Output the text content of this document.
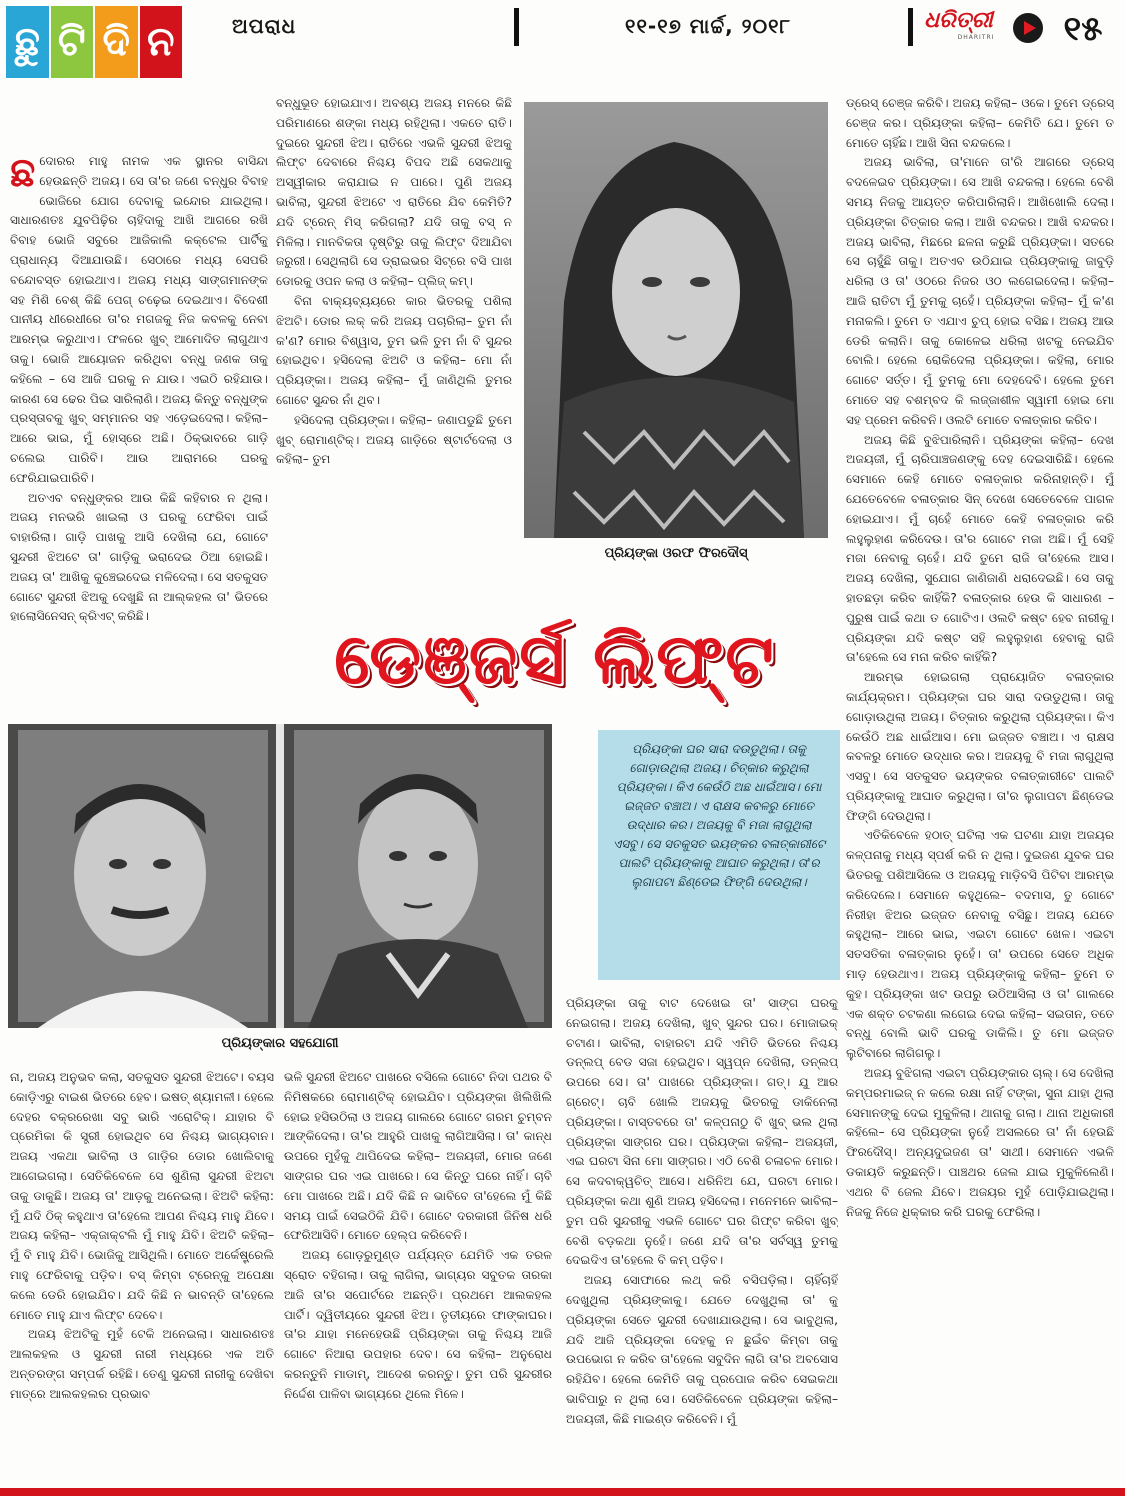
ଛୁ ଟି ଦି ନ	ଅପରାଧ	୧୧-୧୭ ମାର୍ଚ୍ଚ, ୨୦୧୮	ଧରିତ୍ରୀ
DHARITRI	୧୫
ଛ ଦୋରର ମାହୁ ନାମକ ଏକ ସ୍ଥାନର ବାସିନ୍ଦା ହେଉଛନ୍ତି ଅଜୟ। ସେ ତା'ର ଜଣେ ବନ୍ଧୁର ବିବାହ ଭୋଜିରେ ଯୋଗ ଦେବାକୁ ଇନ୍ଦୋର ଯାଇଥିଲା। ସାଧାରଣତଃ ଯୁବପିଢ଼ିର ଚାହିଦାକୁ ଆଖି ଆଗରେ ରଖି ବିବାହ ଭୋଜି ସବୁରେ ଆଜିକାଲି କକ୍‌ଟେଲ ପାର୍ଟିକୁ ପ୍ରାଧାନ୍ୟ ଦିଆଯାଉଛି। ସେଠାରେ ମଧ୍ୟ ସେପରି ବନ୍ଦୋବସ୍ତ ହୋଇଥାଏ। ଅଜୟ ମଧ୍ୟ ସାଙ୍ଗମାନଙ୍କ ସହ ମିଶି ବେଶ୍ କିଛି ପେଗ୍ ଚଢ଼େଇ ଦେଇଥାଏ। ବିଦେଶୀ ପାନୀୟ ଧୀରେଧୀରେ ତା'ର ମଗଜକୁ ନିଜ କବଳକୁ ନେବା ଆରମ୍ଭ କରୁଥାଏ। ଫଳରେ ଖୁବ୍ ଆମୋଦିତ ଲାଗୁଥାଏ ତାକୁ। ଭୋଜି ଆୟୋଜନ କରିଥିବା ବନ୍ଧୁ ଜଣକ ତାକୁ କହିଲେ – ସେ ଆଜି ଘରକୁ ନ ଯାଉ। ଏଇଠି ରହିଯାଉ। କାରଣ ସେ ଢେର ପିଇ ସାରିଲାଣି। ଅଜୟ କିନ୍ତୁ ବନ୍ଧୁଙ୍କ ପ୍ରସ୍ତାବକୁ ଖୁବ୍ ସମ୍ମାନର ସହ ଏଡ଼େଇଦେଲା। କହିଲା– ଆରେ ଭାଇ, ମୁଁ ହୋସ୍‌ରେ ଅଛି। ଠିକ୍‌ଭାବରେ ଗାଡ଼ି ଚଲେଇ ପାରିବି। ଆଉ ଆରାମରେ ଘରକୁ ଫେରିଯାଇପାରିବି।

ଅତଏବ ବନ୍ଧୁଙ୍କର ଆଉ କିଛି କହିବାର ନ ଥିଲା। ଅଜୟ ମନଭରି ଖାଇଲା ଓ ଘରକୁ ଫେରିବା ପାଇଁ ବାହାରିଲା। ଗାଡ଼ି ପାଖକୁ ଆସି ଦେଖିଲା ଯେ, ଗୋଟେ ସୁନ୍ଦରୀ ଝିଅଟେ ତା' ଗାଡ଼ିକୁ ଭରାଦେଇ ଠିଆ ହୋଇଛି। ଅଜୟ ତା' ଆଖିକୁ କୁଞ୍ଚେଇଦେଇ ମଳିଦେଲା। ସେ ସତକୁସତ ଗୋଟେ ସୁନ୍ଦରୀ ଝିଅକୁ ଦେଖୁଛି ନା ଆଲ୍‌କହଲ ତା' ଭିତରେ ହାଲୋସିନେସନ୍ କ୍ରିଏଟ୍ କରିଛି।

ବନ୍ଧୁଭୂତ ହୋଇଯାଏ। ଅବଶ୍ୟ ଅଜୟ ମନରେ କିଛି ପରିମାଣରେ ଶଙ୍କା ମଧ୍ୟ ରହିଥିଲା। ଏକତେ ରାତି। ଦୁଇରେ ସୁନ୍ଦରୀ ଝିଅ। ରାତିରେ ଏଭଳି ସୁନ୍ଦରୀ ଝିଅକୁ ଲିଫ୍ଟ ଦେବାରେ ନିଶ୍ଚୟ ବିପଦ ଅଛି ସେକଥାକୁ ଅସ୍ୱୀକାର କରାଯାଇ ନ ପାରେ। ପୁଣି ଅଜୟ ଭାବିଲା, ସୁନ୍ଦରୀ ଝିଅଟେ ଏ ରାତିରେ ଯିବ କେମିତି? ଯଦି ଟ୍ରେନ୍ ମିସ୍ କରିଗଲା? ଯଦି ତାକୁ ବସ୍ ନ ମିଳିଲା। ମାନବିକତା ଦୃଷ୍ଟିରୁ ତାକୁ ଲିଫ୍ଟ ଦିଆଯିବା ଜରୁରୀ। ସେଥିଲାଗି ସେ ଡ୍ରାଇଭର ସିଟ୍‌ରେ ବସି ପାଖ ଡୋରକୁ ଓପନ କଲା ଓ କହିଲା– ପ୍ଲିଜ୍ କମ୍।

ବିନା ବାକ୍ୟବ୍ୟୟରେ କାର ଭିତରକୁ ପଶିଲା ଝିଅଟି। ଡୋର ଲକ୍ କରି ଅଜୟ ପଚାରିଲା– ତୁମ ନାଁ କ'ଣ? ମୋର ବିଶ୍ୱାସ, ତୁମ ଭଳି ତୁମ ନାଁ ବି ସୁନ୍ଦର ହୋଇଥିବ। ହସିଦେଲା ଝିଅଟି ଓ କହିଲା– ମୋ ନାଁ ପ୍ରିୟଙ୍କା। ଅଜୟ କହିଲା– ମୁଁ ଜାଣିଥିଲି ତୁମର ଗୋଟେ ସୁନ୍ଦର ନାଁ ଥିବ।

ହସିଦେଲା ପ୍ରିୟଙ୍କା। କହିଲା– ଜଣାପଡୁଛି ତୁମେ ଖୁବ୍ ରୋମାଣ୍ଟିକ୍। ଅଜୟ ଗାଡ଼ିରେ ଷ୍ଟାର୍ଟଦେଲା ଓ କହିଲା– ତୁମ

ପ୍ରିୟଙ୍କା ଓରଫ ଫିରଦୌସ୍

ଡ୍ରେସ୍ ଚେଞ୍ଜ କରିବି। ଅଜୟ କହିଲା– ଓକେ। ତୁମେ ଡ୍ରେସ୍ ଚେଞ୍ଜ କର। ପ୍ରିୟଙ୍କା କହିଲା– କେମିତି ଯେ। ତୁମେ ତ ମୋତେ ଚାହିଁଛ। ଆଖି ସିନା ବନ୍ଦକଲେ।

ଅଜୟ ଭାବିଲା, ତା'ମାନେ ତା'ରି ଆଗରେ ଡ୍ରେସ୍ ବଦଳେଇବ ପ୍ରିୟଙ୍କା। ସେ ଆଖି ବନ୍ଦକଲା। ହେଲେ ବେଶି ସମୟ ନିଜକୁ ଆୟତ୍ତ କରିପାରିଲାନି। ଆଖିଖୋଲି ଦେଲା। ପ୍ରିୟଙ୍କା ଚିତ୍କାର କଲା। ଆଖି ବନ୍ଦକର। ଆଖି ବନ୍ଦକର। ଅଜୟ ଭାବିଲା, ମିଛରେ ଛଳନା କରୁଛି ପ୍ରିୟଙ୍କା। ସତରେ ସେ ଚାହୁଁଛି ତାକୁ। ଅତଏବ ଉଠିଯାଇ ପ୍ରିୟଙ୍କାକୁ ଜାବୁଡ଼ି ଧରିଲା ଓ ତା' ଓଠରେ ନିଜର ଓଠ ଲଗେଇଦେଲା। କହିଲା– ଆଜି ରାତିଟା ମୁଁ ତୁମକୁ ଚାହେଁ। ପ୍ରିୟଙ୍କା କହିଲା– ମୁଁ କ'ଣ ମନାକଲି। ତୁମେ ତ ଏଯାଏ ଚୁପ୍ ହୋଇ ବସିଛ। ଅଜୟ ଆଉ ଡେରି କଲାନି। ତାକୁ କୋଳେଇ ଧରିଲା ଖଟକୁ ନେଇଯିବ ବୋଲି। ହେଲେ ରୋକିଦେଲା ପ୍ରିୟଙ୍କା। କହିଲା, ମୋର ଗୋଟେ ସର୍ତ୍ତ। ମୁଁ ତୁମକୁ ମୋ ଦେହଦେବି। ହେଲେ ତୁମେ ମୋତେ ସହ ବଶମ୍ବଦ କି ଲଜ୍ଜାଶୀଳ ସ୍ୱାମୀ ହୋଇ ମୋ ସହ ପ୍ରେମ କରିବନି। ଓଲଟି ମୋତେ ବଳାତ୍କାର କରିବ।

ଅଜୟ କିଛି ବୁଝିପାରିଲାନି। ପ୍ରିୟଙ୍କା କହିଲା– ଦେଖ ଅଜୟଜୀ, ମୁଁ ଚାରିପାଞ୍ଚଜଣଙ୍କୁ ଦେହ ଦେଇସାରିଛି। ହେଲେ ସେମାନେ କେହି ମୋତେ ବଳାତ୍କାର କରିନାହାନ୍ତି। ମୁଁ ଯେତେବେଳେ ବଳାତ୍କାର ସିନ୍ ଦେଖେ ସେତେବେଳେ ପାଗଳ ହୋଇଯାଏ। ମୁଁ ଚାହେଁ ମୋତେ କେହି ବଳାତ୍କାର କରି ଲହୁଲୁହାଣ କରିଦେଉ। ତା'ର ଗୋଟେ ମଜା ଅଛି। ମୁଁ ସେହି ମଜା ନେବାକୁ ଚାହେଁ। ଯଦି ତୁମେ ରାଜି ତା'ହେଲେ ଆସ। ଅଜୟ ଦେଖିଲା, ସୁଯୋଗ ଜାଣିଜାଣି ଧରାଦେଇଛି। ସେ ତାକୁ ହାତଛଡ଼ା କରିବ କାହିଁକି? ବଳାତ୍କାର ହେଉ କି ସାଧାରଣ – ପୁରୁଷ ପାଇଁ କଥା ତ ଗୋଟିଏ। ଓଲଟି କଷ୍ଟ ହେବ ନାରୀକୁ। ପ୍ରିୟଙ୍କା ଯଦି କଷ୍ଟ ସହି ଲହୁଲୁହାଣ ହେବାକୁ ରାଜି ତା'ହେଲେ ସେ ମନା କରିବ କାହିଁକି?

ଆରମ୍ଭ ହୋଇଗଲା ପ୍ରାୟୋଜିତ ବଳାତ୍କାର କାର୍ଯ୍ୟକ୍ରମ। ପ୍ରିୟଙ୍କା ଘର ସାରା ଦଉଡୁଥିଲା। ତାକୁ ଗୋଡ଼ାଉଥିଲା ଅଜୟ। ଚିତ୍କାର କରୁଥିଲା ପ୍ରିୟଙ୍କା। କିଏ କେଉଁଠି ଅଛ ଧାଇଁଆସ। ମୋ ଇଜ୍ଜତ ବଞ୍ଚାଅ। ଏ ରାକ୍ଷସ କବଳରୁ ମୋତେ ଉଦ୍ଧାର କର। ଅଜୟକୁ ବି ମଜା ଲାଗୁଥିଲା ଏସବୁ। ସେ ସତକୁସତ ଭୟଙ୍କର ବଳାତ୍କାରୀଟେ ପାଲଟି ପ୍ରିୟଙ୍କାକୁ ଆଘାତ କରୁଥିଲା। ତା'ର ଲୁଗାପଟା ଛିଣ୍ଡେଇ ଫିଙ୍ଗି ଦେଉଥିଲା।

ଏତିକିବେଳେ ହଠାତ୍ ଘଟିଲା ଏକ ଘଟଣା ଯାହା ଅଜୟର କଳ୍ପନାକୁ ମଧ୍ୟ ସ୍ପର୍ଶ କରି ନ ଥିଲା। ଦୁଇଜଣ ଯୁବକ ଘର ଭିତରକୁ ପଶିଆସିଲେ ଓ ଅଜୟକୁ ମାଡ଼ିବସି ପିଟିବା ଆରମ୍ଭ କରିଦେଲେ। ସେମାନେ କହୁଥିଲେ– ବଦମାସ, ତୁ ଗୋଟେ ନିରୀହା ଝିଅର ଇଜ୍ଜତ ନେବାକୁ ବସିଛୁ। ଅଜୟ ଯେତେ କହୁଥିଲା– ଆରେ ଭାଇ, ଏଇଟା ଗୋଟେ ଖେଳ। ଏଇଟା ସତସତିକା ବଳାତ୍କାର ନୁହେଁ। ତା' ଉପରେ ସେତେ ଅଧିକ ମାଡ଼ ହେଉଥାଏ। ଅଜୟ ପ୍ରିୟଙ୍କାକୁ କହିଲା– ତୁମେ ତ କୁହ। ପ୍ରିୟଙ୍କା ଖଟ ଉପରୁ ଉଠିଆସିଲା ଓ ତା' ଗାଲରେ ଏକ ଶକ୍ତ ଚଟକଣା ଲଗେଇ ଦେଇ କହିଲା– ସଇତାନ, ତତେ ବନ୍ଧୁ ବୋଲି ଭାବି ଘରକୁ ଡାକିଲି। ତୁ ମୋ ଇଜ୍ଜତ ଲୁଟିବାରେ ଲାଗିଗଲୁ।

ଅଜୟ ବୁଝିଗଲା ଏଇଟା ପ୍ରିୟଙ୍କାର ଚାଲ୍। ସେ ଦେଖିଲା କମ୍ପରମାଇଜ୍ ନ କଲେ ରକ୍ଷା ନାହିଁ ଟଙ୍କା, ସୁନା ଯାହା ଥିଲା ସେମାନଙ୍କୁ ଦେଇ ମୁକୁଳିଲା। ଥାନାକୁ ଗଲା। ଥାନା ଅଧିକାରୀ କହିଲେ– ସେ ପ୍ରିୟଙ୍କା ନୁହେଁ ଅସଲରେ ତା' ନାଁ ହେଉଛି ଫିରଦୌସ୍। ଅନ୍ୟଦୁଇଜଣ ତା' ସାଥୀ। ସେମାନେ ଏଭଳି ଡକାୟତି କରୁଛନ୍ତି। ପାଞ୍ଚଥର ଜେଲ ଯାଇ ମୁକୁଳିଲେଣି। ଏଥର ବି ଜେଲ ଯିବେ। ଅଜୟର ମୁହଁ ପୋଡ଼ିଯାଇଥିଲା। ନିଜକୁ ନିଜେ ଧିକ୍କାର କରି ଘରକୁ ଫେରିଲା।

ଡେଞ୍ଜର୍ସ ଲିଫ୍ଟ
ପ୍ରିୟଙ୍କାର ସହଯୋଗୀ
ପ୍ରିୟଙ୍କା ଘର ସାରା ଦଉଡୁଥିଲା। ତାକୁ ଗୋଡ଼ାଉଥିଲା ଅଜୟ। ଚିତ୍କାର କରୁଥିଲା ପ୍ରିୟଙ୍କା। କିଏ କେଉଁଠି ଅଛ ଧାଇଁଆସ। ମୋ ଇଜ୍ଜତ ବଞ୍ଚାଅ। ଏ ରାକ୍ଷସ କବଳରୁ ମୋତେ ଉଦ୍ଧାର କର। ଅଜୟକୁ ବି ମଜା ଲାଗୁଥିଲା ଏସବୁ। ସେ ସତକୁସତ ଭୟଙ୍କର ବଳାତ୍କାରୀଟେ ପାଲଟି ପ୍ରିୟଙ୍କାକୁ ଆଘାତ କରୁଥିଲା। ତା'ର ଲୁଗାପଟା ଛିଣ୍ଡେଇ ଫିଙ୍ଗି ଦେଉଥିଲା।

ପ୍ରିୟଙ୍କା ତାକୁ ବାଟ ଦେଖେଇ ତା' ସାଙ୍ଗ ଘରକୁ ନେଇଗଲା। ଅଜୟ ଦେଖିଲା, ଖୁବ୍ ସୁନ୍ଦର ଘର। ମୋଜାଇକ୍ ଚଟାଣ। ଭାବିଲା, ବାହାରଟା ଯଦି ଏମିତି ଭିତରେ ନିଶ୍ଚୟ ଡନ୍‌ଲପ୍ ବେଡ ସଜା ହେଇଥିବ। ସ୍ୱପ୍ନ ଦେଖିଲା, ଡନ୍‌ଲପ୍ ଉପରେ ସେ। ତା' ପାଖରେ ପ୍ରିୟଙ୍କା। ଗତ୍। ଯୁ ଆର ଗ୍ରେଟ୍। ଚାବି ଖୋଲି ଅଜୟକୁ ଭିତରକୁ ଡାକିନେଲା ପ୍ରିୟଙ୍କା। ବାସ୍ତବରେ ତା' କଳ୍ପନାଠୁ ବି ଖୁବ୍ ଭଲ ଥିଲା ପ୍ରିୟଙ୍କା ସାଙ୍ଗର ଘର। ପ୍ରିୟଙ୍କା କହିଲା– ଅଜୟଜୀ, ଏଇ ଘରଟା ସିନା ମୋ ସାଙ୍ଗର। ଏଠି ବେଶି ଚଳାଚଳ ମୋର। ସେ କଦବାକ୍ୱଚିତ୍ ଆସେ। ଧରିନିଅ ଯେ, ଘରଟା ମୋର। ପ୍ରିୟଙ୍କା କଥା ଶୁଣି ଅଜୟ ହସିଦେଲା। ମନେମନେ ଭାବିଲା– ତୁମ ପରି ସୁନ୍ଦରୀକୁ ଏଭଳି ଗୋଟେ ଘର ଗିଫ୍ଟ କରିବା ଖୁବ୍ ବେଶି ବଡ଼କଥା ନୁହେଁ। ଜଣେ ଯଦି ତା'ର ସର୍ବସ୍ୱ ତୁମକୁ ଦେଇଦିଏ ତା'ହେଲେ ବି କମ୍ ପଡ଼ିବ।

ଅଜୟ ସୋଫାରେ ଲଥ୍ କରି ବସିପଡ଼ିଲା। ଚାହିଁଚାହିଁ ଦେଖୁଥିଲା ପ୍ରିୟଙ୍କାକୁ। ଯେତେ ଦେଖୁଥିଲା ତା' କୁ ପ୍ରିୟଙ୍କା ସେତେ ସୁନ୍ଦରୀ ଦେଖାଯାଉଥିଲା। ସେ ଭାବୁଥିଲା, ଯଦି ଆଜି ପ୍ରିୟଙ୍କା ଦେହକୁ ନ ଛୁଇଁବ କିମ୍ବା ତାକୁ ଉପଭୋଗ ନ କରିବ ତା'ହେଲେ ସବୁଦିନ ଲାଗି ତା'ର ଅବସୋସ ରହିଯିବ। ହେଲେ କେମିତି ତାକୁ ପ୍ରପୋଜ କରିବ ସେଇକଥା ଭାବିପାରୁ ନ ଥିଲା ସେ। ସେତିକିବେଳେ ପ୍ରିୟଙ୍କା କହିଲା– ଅଜୟଜୀ, କିଛି ମାଇଣ୍ଡ କରିବେନି। ମୁଁ

ନା, ଅଜୟ ଅନୁଭବ କଲା, ସତକୁସତ ସୁନ୍ଦରୀ ଝିଅଟେ। ବୟସ କୋଡ଼ିଏରୁ ବାଇଶ ଭିତରେ ହେବ। ଇଷତ୍ ଶ୍ୟାମଳୀ। ହେଲେ ଦେହର ବକ୍ରରେଖା ସବୁ ଭାରି ଏରୋଟିକ୍। ଯାହାର ବି ପ୍ରେମିକା କି ସ୍ତ୍ରୀ ହୋଇଥିବ ସେ ନିଶ୍ଚୟ ଭାଗ୍ୟବାନ। ଅଜୟ ଏକଥା ଭାବିଲା ଓ ଗାଡ଼ିର ଡୋର ଖୋଲିବାକୁ ଆଗେଇଗଲା। ସେତିକିବେଳେ ସେ ଶୁଣିଲା ସୁନ୍ଦରୀ ଝିଅଟା ତାକୁ ଡାକୁଛି। ଅଜୟ ତା' ଆଡ଼କୁ ଅନେଇଲା। ଝିଅଟି କହିଲା: ମୁଁ ଯଦି ଠିକ୍ କହୁଥାଏ ତା'ହେଲେ ଆପଣ ନିଶ୍ଚୟ ମାହୁ ଯିବେ। ଅଜୟ କହିଲା– ଏକ୍‌ଜାକ୍‌ଟଲି ମୁଁ ମାହୁ ଯିବି। ଝିଅଟି କହିଲା– ମୁଁ ବି ମାହୁ ଯିବି। ଭୋଜିକୁ ଆସିଥିଲି। ମୋତେ ଅର୍କେଷ୍ଟ୍ରେଲି ମାହୁ ଫେରିବାକୁ ପଡ଼ିବ। ବସ୍ କିମ୍ବା ଟ୍ରେନ୍‌କୁ ଅପେକ୍ଷା କଲେ ଡେରି ହୋଇଯିବ। ଯଦି କିଛି ନ ଭାବନ୍ତି ତା'ହେଲେ ମୋତେ ମାହୁ ଯାଏ ଲିଫ୍ଟ ଦେବେ।

ଅଜୟ ଝିଅଟିକୁ ମୁହଁ ଟେକି ଅନେଇଲା। ସାଧାରଣତଃ ଆଲକହଲ ଓ ସୁନ୍ଦରୀ ନାରୀ ମଧ୍ୟରେ ଏକ ଅତି ଅନ୍ତରଙ୍ଗ ସମ୍ପର୍କ ରହିଛି। ତେଣୁ ସୁନ୍ଦରୀ ନାରୀକୁ ଦେଖିବା ମାତ୍ରେ ଆଲକହଲର ପ୍ରଭାବ

ଭଳି ସୁନ୍ଦରୀ ଝିଅଟେ ପାଖରେ ବସିଲେ ଗୋଟେ ନିଦା ପଥର ବି ନିମିଷକରେ ରୋମାଣ୍ଟିକ୍ ହୋଇଯିବ। ପ୍ରିୟଙ୍କା ଖିଲିଖିଲି ହୋଇ ହସିଉଠିଲା ଓ ଅଜୟ ଗାଲରେ ଗୋଟେ ଗରମ ଚୁମ୍ବନ ଆଙ୍କିଦେଲା। ତା'ର ଆହୁରି ପାଖକୁ ଲାଗିଆସିଲା। ତା' କାନ୍ଧ ଉପରେ ମୁହଁକୁ ଥାପିଦେଇ କହିଲା– ଅଜୟଜୀ, ମୋର ଜଣେ ସାଙ୍ଗର ଘର ଏଇ ପାଖରେ। ସେ କିନ୍ତୁ ଘରେ ନାହିଁ। ଚାବି ମୋ ପାଖରେ ଅଛି। ଯଦି କିଛି ନ ଭାବିବେ ତା'ହେଲେ ମୁଁ କିଛି ସମୟ ପାଇଁ ସେଇଠିକି ଯିବି। ଗୋଟେ ଦରକାରୀ ଜିନିଷ ଧରି ଫେରିଆସିବି। ମୋତେ ହେଲ୍ପ କରିବେନି।

ଅଜୟ ଗୋଡ଼ରୁମୁଣ୍ଡ ପର୍ଯ୍ୟନ୍ତ ଯେମିତି ଏକ ତରଳ ସ୍ରୋତ ବହିଗଲା। ତାକୁ ଲାଗିଲା, ଭାଗ୍ୟର ସବୁତକ ତାରକା ଆଜି ତା'ର ସପୋର୍ଟରେ ଅଛନ୍ତି। ପ୍ରଥମେ ଆଲକହଲ ପାର୍ଟି। ଦ୍ୱିତୀୟରେ ସୁନ୍ଦରୀ ଝିଅ। ତୃତୀୟରେ ଫାଙ୍କାଘର। ତା'ର ଯାହା ମନେହେଉଛି ପ୍ରିୟଙ୍କା ତାକୁ ନିଶ୍ଚୟ ଆଜି ଗୋଟେ ନିଆରା ଉପହାର ଦେବ। ସେ କହିଲା– ଅନୁରୋଧ କରନ୍ତୁନି ମାଡାମ୍, ଆଦେଶ କରନ୍ତୁ। ତୁମ ପରି ସୁନ୍ଦରୀର ନିର୍ଦ୍ଦେଶ ପାଳିବା ଭାଗ୍ୟରେ ଥିଲେ ମିଳେ।
